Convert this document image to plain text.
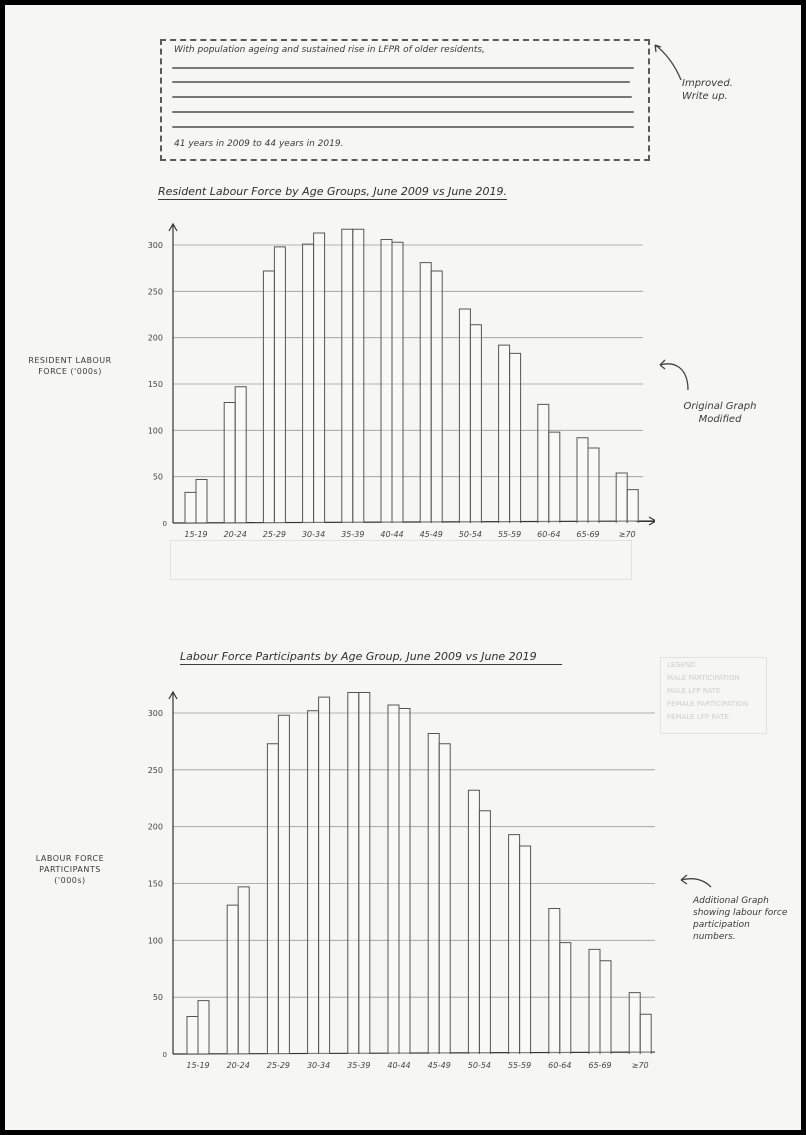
With population ageing and sustained rise in LFPR of older residents,
41 years in 2009 to 44 years in 2019.
Improved. Write up.
Resident Labour Force by Age Groups, June 2009 vs June 2019.
RESIDENT LABOUR FORCE ('000s)
0
50
100
150
200
250
300
15-19 20-24 25-29 30-34 35-39 40-44 45-49 50-54 55-59 60-64 65-69 ≥70
Original Graph Modified
Labour Force Participants by Age Group, June 2009 vs June 2019
LABOUR FORCE PARTICIPANTS ('000s)
0
50
100
150
200
250
300
15-19 20-24 25-29 30-34 35-39 40-44 45-49 50-54 55-59 60-64 65-69	≥70
LEGEND
MALE PARTICIPATION
MALE LFP RATE
FEMALE PARTICIPATION
FEMALE LFP RATE
Additional Graph showing labour force participation numbers.
